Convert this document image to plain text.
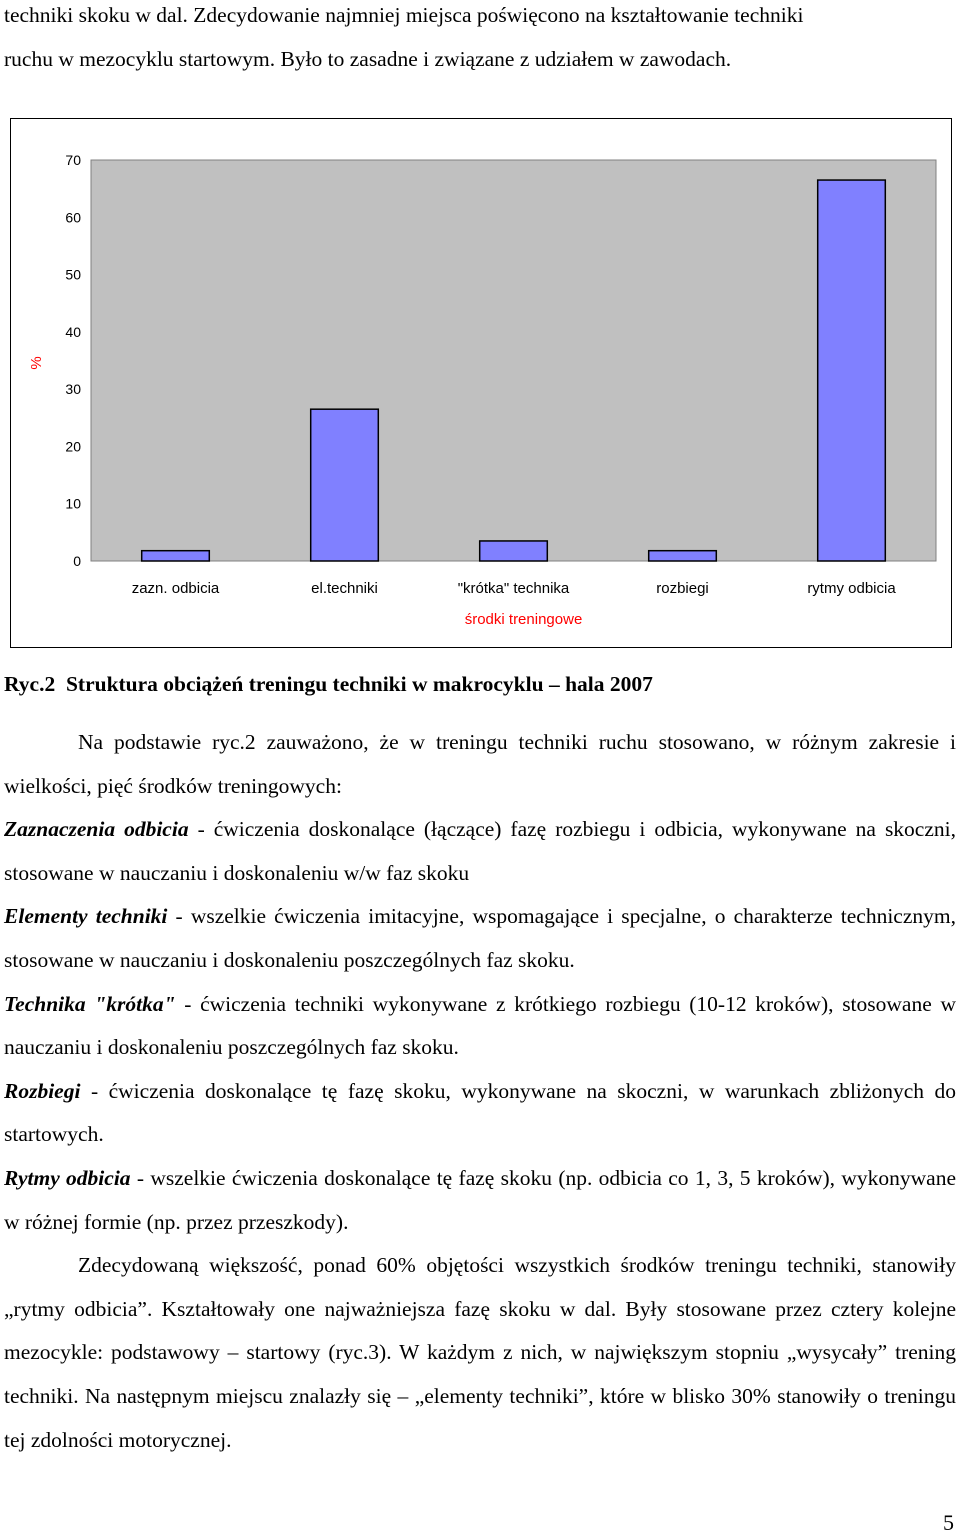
techniki skoku w dal. Zdecydowanie najmniej miejsca poświęcono na kształtowanie techniki

ruchu w mezocyklu startowym. Było to zasadne i związane z udziałem w zawodach.

0
10
20
30
40
50
60
70
zazn. odbicia	el.techniki	"krótka" technika	rozbiegi	rytmy odbicia
środki treningowe
%
Ryc.2 Struktura obciążeń treningu techniki w makrocyklu – hala 2007

Na podstawie ryc.2 zauważono, że w treningu techniki ruchu stosowano, w różnym zakresie i wielkości, pięć środków treningowych:

Zaznaczenia odbicia - ćwiczenia doskonalące (łączące) fazę rozbiegu i odbicia, wykonywane na skoczni, stosowane w nauczaniu i doskonaleniu w/w faz skoku

Elementy techniki - wszelkie ćwiczenia imitacyjne, wspomagające i specjalne, o charakterze technicznym, stosowane w nauczaniu i doskonaleniu poszczególnych faz skoku.

Technika "krótka" - ćwiczenia techniki wykonywane z krótkiego rozbiegu (10-12 kroków), stosowane w nauczaniu i doskonaleniu poszczególnych faz skoku.

Rozbiegi - ćwiczenia doskonalące tę fazę skoku, wykonywane na skoczni, w warunkach zbliżonych do startowych.

Rytmy odbicia - wszelkie ćwiczenia doskonalące tę fazę skoku (np. odbicia co 1, 3, 5 kroków), wykonywane w różnej formie (np. przez przeszkody).

Zdecydowaną większość, ponad 60% objętości wszystkich środków treningu techniki, stanowiły „rytmy odbicia”. Kształtowały one najważniejsza fazę skoku w dal. Były stosowane przez cztery kolejne mezocykle: podstawowy – startowy (ryc.3). W każdym z nich, w największym stopniu „wysycały” trening techniki. Na następnym miejscu znalazły się – „elementy techniki”, które w blisko 30% stanowiły o treningu tej zdolności motorycznej.

5
